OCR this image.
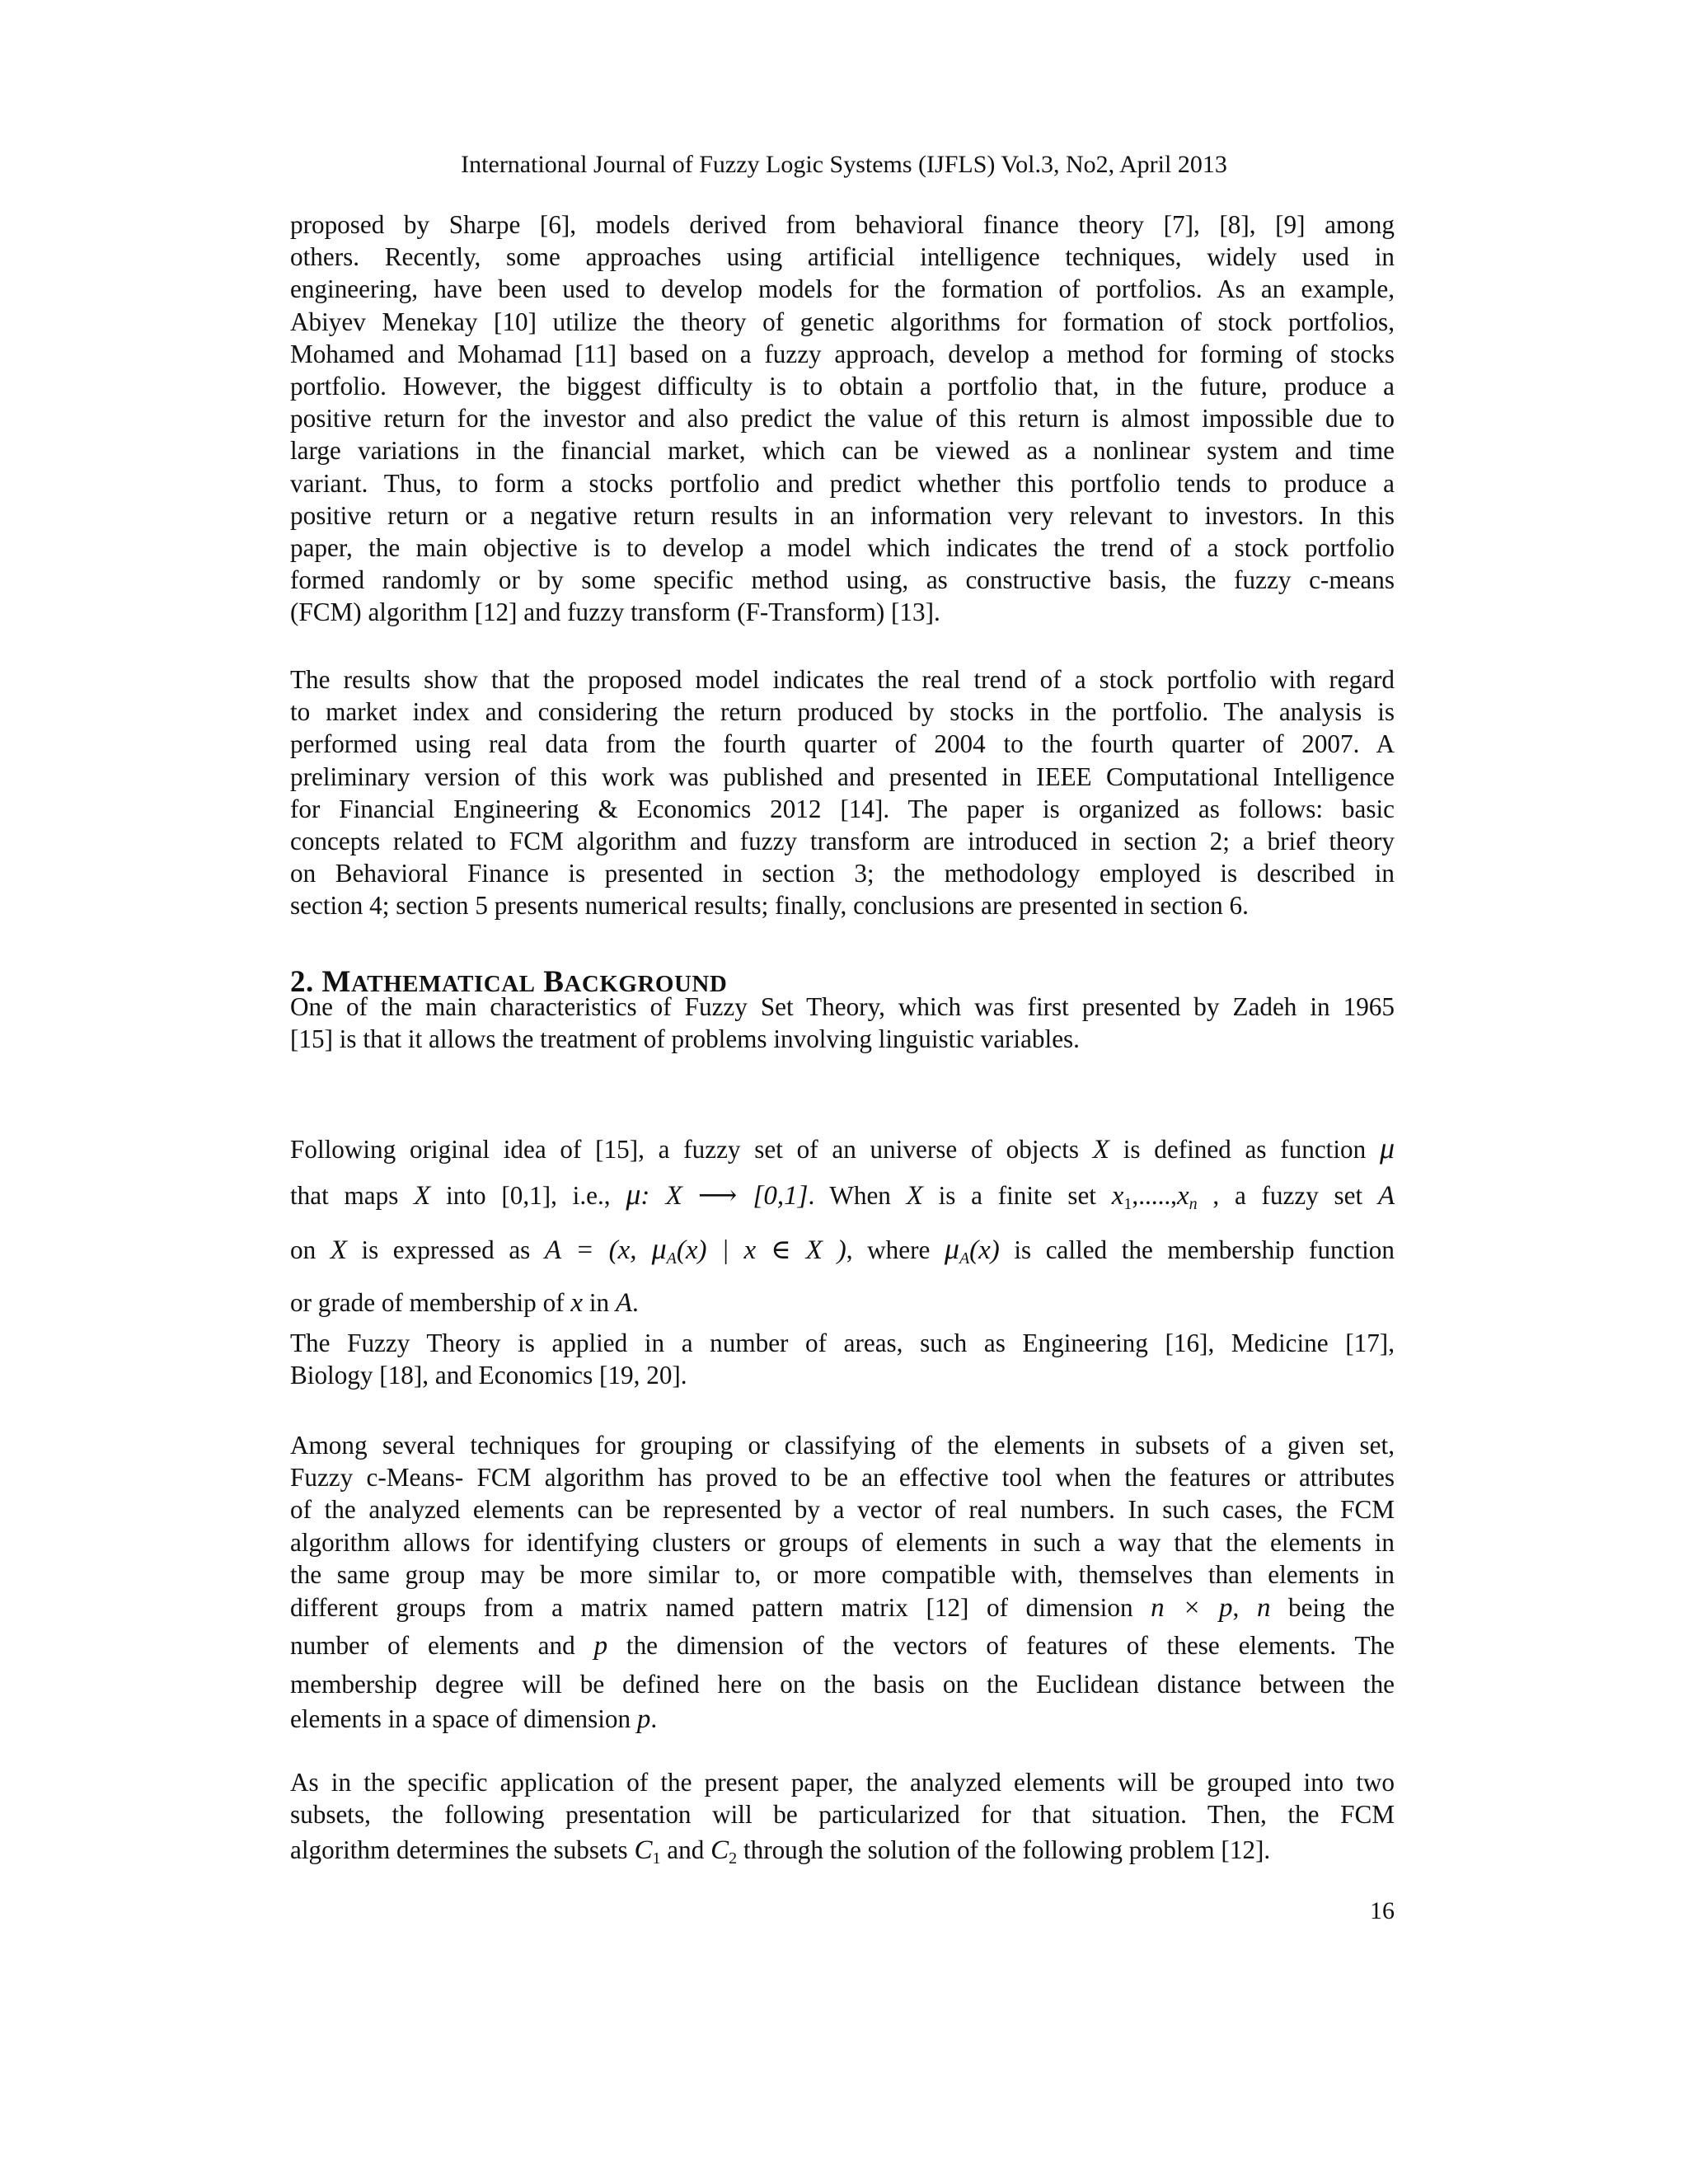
International Journal of Fuzzy Logic Systems (IJFLS) Vol.3, No2, April 2013
proposed by Sharpe [6], models derived from behavioral finance theory [7], [8], [9] among
others. Recently, some approaches using artificial intelligence techniques, widely used in
engineering, have been used to develop models for the formation of portfolios. As an example,
Abiyev Menekay [10] utilize the theory of genetic algorithms for formation of stock portfolios,
Mohamed and Mohamad [11] based on a fuzzy approach, develop a method for forming of stocks
portfolio. However, the biggest difficulty is to obtain a portfolio that, in the future, produce a
positive return for the investor and also predict the value of this return is almost impossible due to
large variations in the financial market, which can be viewed as a nonlinear system and time
variant. Thus, to form a stocks portfolio and predict whether this portfolio tends to produce a
positive return or a negative return results in an information very relevant to investors. In this
paper, the main objective is to develop a model which indicates the trend of a stock portfolio
formed randomly or by some specific method using, as constructive basis, the fuzzy c-means
(FCM) algorithm [12] and fuzzy transform (F-Transform) [13].
The results show that the proposed model indicates the real trend of a stock portfolio with regard
to market index and considering the return produced by stocks in the portfolio. The analysis is
performed using real data from the fourth quarter of 2004 to the fourth quarter of 2007. A
preliminary version of this work was published and presented in IEEE Computational Intelligence
for Financial Engineering & Economics 2012 [14]. The paper is organized as follows: basic
concepts related to FCM algorithm and fuzzy transform are introduced in section 2; a brief theory
on Behavioral Finance is presented in section 3; the methodology employed is described in
section 4; section 5 presents numerical results; finally, conclusions are presented in section 6.
2. MATHEMATICAL BACKGROUND
One of the main characteristics of Fuzzy Set Theory, which was first presented by Zadeh in 1965
[15] is that it allows the treatment of problems involving linguistic variables.
Following original idea of [15], a fuzzy set of an universe of objects X is defined as function μ
that maps X into [0,1], i.e., μ: X ⟶ [0,1]. When X is a finite set $x_1,.....,x_n$ , a fuzzy set A
on X is expressed as A = (x, $\mu_A(x)$ | x ∈ X ), where $\mu_A(x)$ is called the membership function
or grade of membership of x in A.
The Fuzzy Theory is applied in a number of areas, such as Engineering [16], Medicine [17],
Biology [18], and Economics [19, 20].
Among several techniques for grouping or classifying of the elements in subsets of a given set,
Fuzzy c-Means- FCM algorithm has proved to be an effective tool when the features or attributes
of the analyzed elements can be represented by a vector of real numbers. In such cases, the FCM
algorithm allows for identifying clusters or groups of elements in such a way that the elements in
the same group may be more similar to, or more compatible with, themselves than elements in
different groups from a matrix named pattern matrix [12] of dimension n × p, n being the
number of elements and p the dimension of the vectors of features of these elements. The
membership degree will be defined here on the basis on the Euclidean distance between the
elements in a space of dimension p.
As in the specific application of the present paper, the analyzed elements will be grouped into two
subsets, the following presentation will be particularized for that situation. Then, the FCM
algorithm determines the subsets $C_1$ and $C_2$ through the solution of the following problem [12].
16
